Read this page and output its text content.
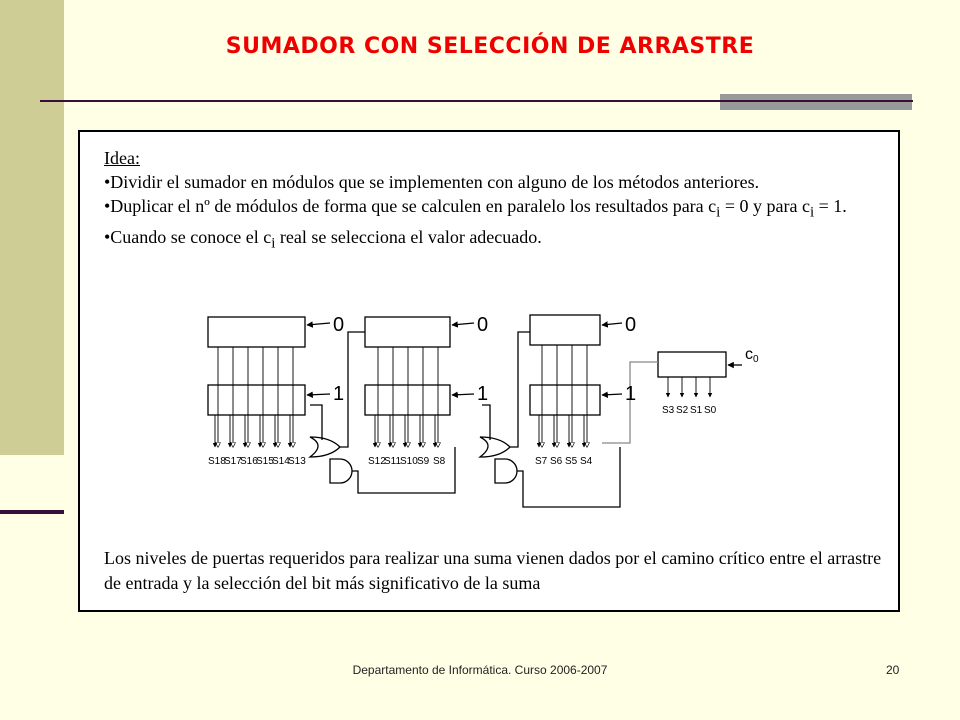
SUMADOR CON SELECCIÓN DE ARRASTRE
Idea:
•Dividir el sumador en módulos que se implementen con alguno de los métodos anteriores.
•Duplicar el nº de módulos de forma que se calculen en paralelo los resultados para $c_i = 0$ y para $c_i = 1$.
•Cuando se conoce el $c_i$ real se selecciona el valor adecuado.
0
1
0
1
0
1
c0
S18
S17
S16
S15
S14
S13	S12
S11
S10 S9 S8	S7 S6 S5 S4
S3 S2 S1 S0
Los niveles de puertas requeridos para realizar una suma vienen dados por el camino crítico entre el arrastre de entrada y la selección del bit más significativo de la suma
Departamento de Informática. Curso 2006-2007	20
